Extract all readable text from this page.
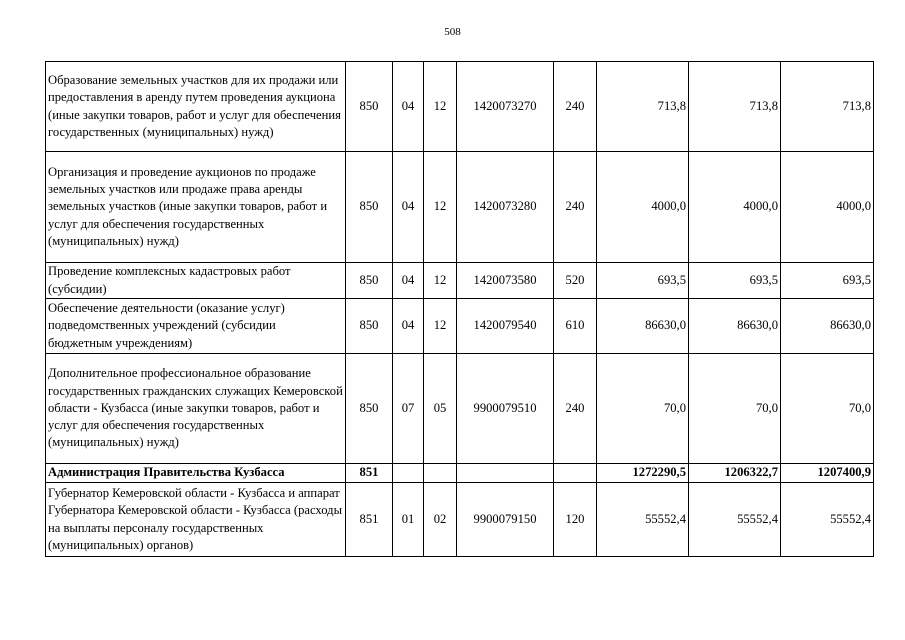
508
Образование земельных участков для их продажи или предоставления в аренду путем проведения аукциона (иные закупки товаров, работ и услуг для обеспечения государственных (муниципальных) нужд)	850	04	12	1420073270	240	713,8	713,8	713,8
Организация и проведение аукционов по продаже земельных участков или продаже права аренды земельных участков (иные закупки товаров, работ и услуг для обеспечения государственных (муниципальных) нужд)	850	04	12	1420073280	240	4000,0	4000,0	4000,0
Проведение комплексных кадастровых работ (субсидии)	850	04	12	1420073580	520	693,5	693,5	693,5
Обеспечение деятельности (оказание услуг) подведомственных учреждений (субсидии бюджетным учреждениям)	850	04	12	1420079540	610	86630,0	86630,0	86630,0
Дополнительное профессиональное образование государственных гражданских служащих Кемеровской области - Кузбасса (иные закупки товаров, работ и услуг для обеспечения государственных (муниципальных) нужд)	850	07	05	9900079510	240	70,0	70,0	70,0
Администрация Правительства Кузбасса	851					1272290,5	1206322,7	1207400,9
Губернатор Кемеровской области - Кузбасса и аппарат Губернатора Кемеровской области - Кузбасса (расходы на выплаты персоналу государственных (муниципальных) органов)	851	01	02	9900079150	120	55552,4	55552,4	55552,4
